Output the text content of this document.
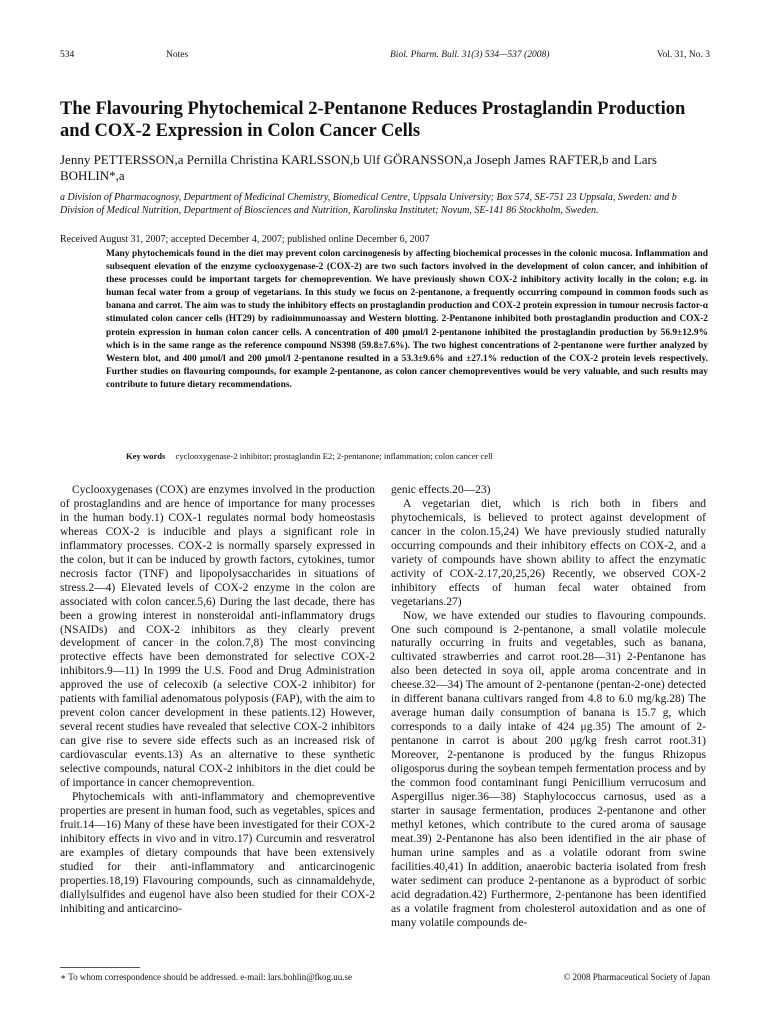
534	Notes	Biol. Pharm. Bull. 31(3) 534—537 (2008)	Vol. 31, No. 3
The Flavouring Phytochemical 2-Pentanone Reduces Prostaglandin Production and COX-2 Expression in Colon Cancer Cells
Jenny PETTERSSON,a Pernilla Christina KARLSSON,b Ulf GÖRANSSON,a Joseph James RAFTER,b and Lars BOHLIN*,a
a Division of Pharmacognosy, Department of Medicinal Chemistry, Biomedical Centre, Uppsala University; Box 574, SE-751 23 Uppsala, Sweden: and b Division of Medical Nutrition, Department of Biosciences and Nutrition, Karolinska Institutet; Novum, SE-141 86 Stockholm, Sweden.
Received August 31, 2007; accepted December 4, 2007; published online December 6, 2007

Many phytochemicals found in the diet may prevent colon carcinogenesis by affecting biochemical processes in the colonic mucosa. Inflammation and subsequent elevation of the enzyme cyclooxygenase-2 (COX-2) are two such factors involved in the development of colon cancer, and inhibition of these processes could be important targets for chemoprevention. We have previously shown COX-2 inhibitory activity locally in the colon; e.g. in human fecal water from a group of vegetarians. In this study we focus on 2-pentanone, a frequently occurring compound in common foods such as banana and carrot. The aim was to study the inhibitory effects on prostaglandin production and COX-2 protein expression in tumour necrosis factor-α stimulated colon cancer cells (HT29) by radioimmunoassay and Western blotting. 2-Pentanone inhibited both prostaglandin production and COX-2 protein expression in human colon cancer cells. A concentration of 400 μmol/l 2-pentanone inhibited the prostaglandin production by 56.9±12.9% which is in the same range as the reference compound NS398 (59.8±7.6%). The two highest concentrations of 2-pentanone were further analyzed by Western blot, and 400 μmol/l and 200 μmol/l 2-pentanone resulted in a 53.3±9.6% and ±27.1% reduction of the COX-2 protein levels respectively. Further studies on flavouring compounds, for example 2-pentanone, as colon cancer chemopreventives would be very valuable, and such results may contribute to future dietary recommendations.

Key words cyclooxygenase-2 inhibitor; prostaglandin E2; 2-pentanone; inflammation; colon cancer cell

Cyclooxygenases (COX) are enzymes involved in the production of prostaglandins and are hence of importance for many processes in the human body.1) COX-1 regulates normal body homeostasis whereas COX-2 is inducible and plays a significant role in inflammatory processes. COX-2 is normally sparsely expressed in the colon, but it can be induced by growth factors, cytokines, tumor necrosis factor (TNF) and lipopolysaccharides in situations of stress.2—4) Elevated levels of COX-2 enzyme in the colon are associated with colon cancer.5,6) During the last decade, there has been a growing interest in nonsteroidal anti-inflammatory drugs (NSAIDs) and COX-2 inhibitors as they clearly prevent development of cancer in the colon.7,8) The most convincing protective effects have been demonstrated for selective COX-2 inhibitors.9—11) In 1999 the U.S. Food and Drug Administration approved the use of celecoxib (a selective COX-2 inhibitor) for patients with familial adenomatous polyposis (FAP), with the aim to prevent colon cancer development in these patients.12) However, several recent studies have revealed that selective COX-2 inhibitors can give rise to severe side effects such as an increased risk of cardiovascular events.13) As an alternative to these synthetic selective compounds, natural COX-2 inhibitors in the diet could be of importance in cancer chemoprevention.

Phytochemicals with anti-inflammatory and chemopreventive properties are present in human food, such as vegetables, spices and fruit.14—16) Many of these have been investigated for their COX-2 inhibitory effects in vivo and in vitro.17) Curcumin and resveratrol are examples of dietary compounds that have been extensively studied for their anti-inflammatory and anticarcinogenic properties.18,19) Flavouring compounds, such as cinnamaldehyde, diallylsulfides and eugenol have also been studied for their COX-2 inhibiting and anticarcino-

genic effects.20—23)

A vegetarian diet, which is rich both in fibers and phytochemicals, is believed to protect against development of cancer in the colon.15,24) We have previously studied naturally occurring compounds and their inhibitory effects on COX-2, and a variety of compounds have shown ability to affect the enzymatic activity of COX-2.17,20,25,26) Recently, we observed COX-2 inhibitory effects of human fecal water obtained from vegetarians.27)

Now, we have extended our studies to flavouring compounds. One such compound is 2-pentanone, a small volatile molecule naturally occurring in fruits and vegetables, such as banana, cultivated strawberries and carrot root.28—31) 2-Pentanone has also been detected in soya oil, apple aroma concentrate and in cheese.32—34) The amount of 2-pentanone (pentan-2-one) detected in different banana cultivars ranged from 4.8 to 6.0 mg/kg.28) The average human daily consumption of banana is 15.7 g, which corresponds to a daily intake of 424 μg.35) The amount of 2-pentanone in carrot is about 200 μg/kg fresh carrot root.31) Moreover, 2-pentanone is produced by the fungus Rhizopus oligosporus during the soybean tempeh fermentation process and by the common food contaminant fungi Penicillium verrucosum and Aspergillus niger.36—38) Staphylococcus carnosus, used as a starter in sausage fermentation, produces 2-pentanone and other methyl ketones, which contribute to the cured aroma of sausage meat.39) 2-Pentanone has also been identified in the air phase of human urine samples and as a volatile odorant from swine facilities.40,41) In addition, anaerobic bacteria isolated from fresh water sediment can produce 2-pentanone as a byproduct of sorbic acid degradation.42) Furthermore, 2-pentanone has been identified as a volatile fragment from cholesterol autoxidation and as one of many volatile compounds de-

∗ To whom correspondence should be addressed. e-mail: lars.bohlin@fkog.uu.se	© 2008 Pharmaceutical Society of Japan
